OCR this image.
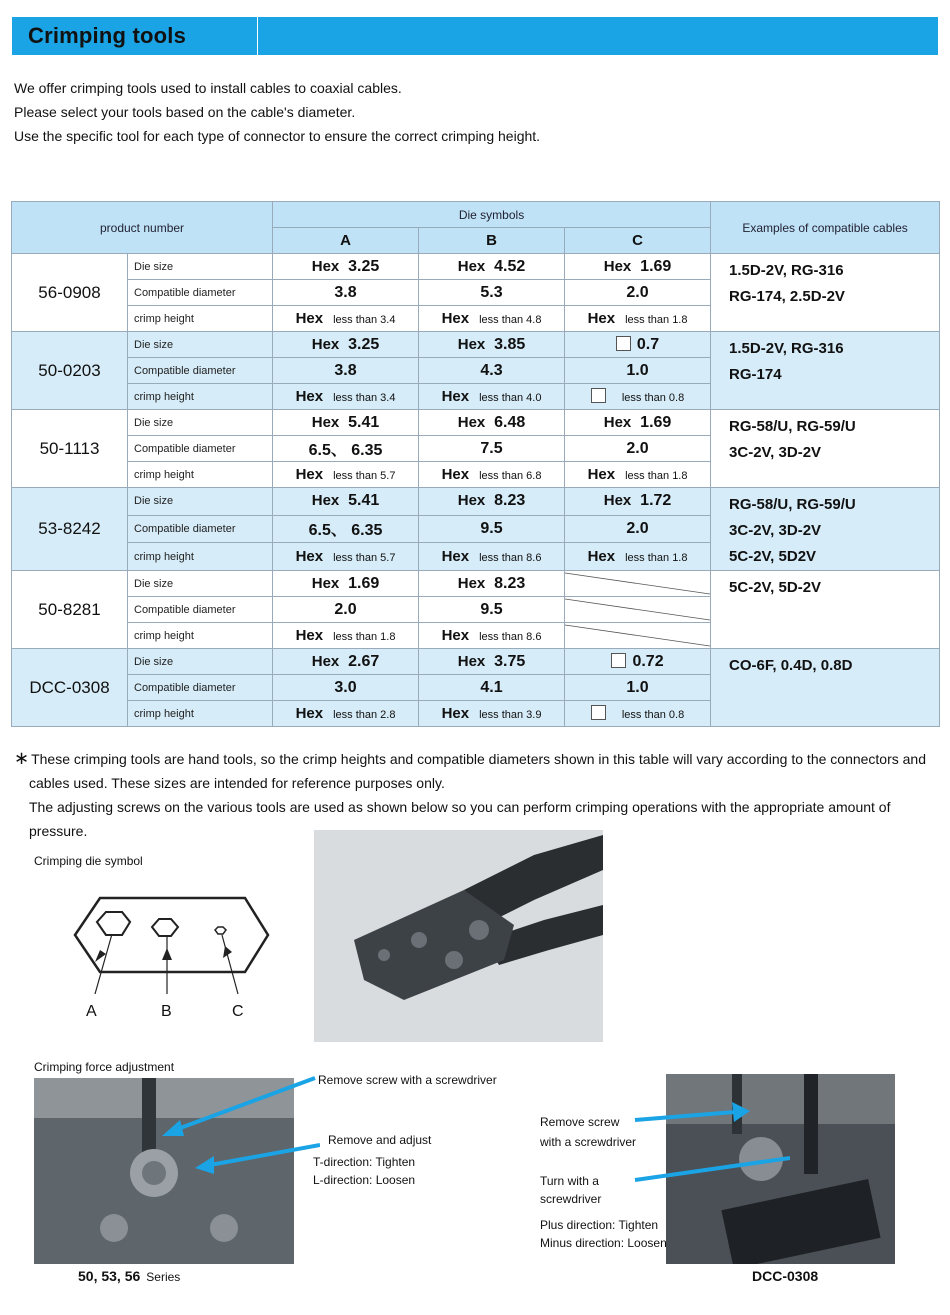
Crimping tools

We offer crimping tools used to install cables to coaxial cables.

Please select your tools based on the cable's diameter.

Use the specific tool for each type of connector to ensure the correct crimping height.

product number		Die symbols			Examples of compatible cables
		A	B	C	
56-0908	Die size	Hex 3.25	Hex 4.52	Hex 1.69	1.5D-2V, RG-316
RG-174, 2.5D-2V

	Compatible diameter	3.8	5.3	2.0	
	crimp height	Hex less than 3.4	Hex less than 4.8	Hex less than 1.8	
50-0203	Die size	Hex 3.25	Hex 3.85	0.7	1.5D-2V, RG-316
RG-174

	Compatible diameter	3.8	4.3	1.0	
	crimp height	Hex less than 3.4	Hex less than 4.0	less than 0.8	
50-1113	Die size	Hex 5.41	Hex 6.48	Hex 1.69	RG-58/U, RG-59/U
3C-2V, 3D-2V

	Compatible diameter	6.5、 6.35	7.5	2.0	
	crimp height	Hex less than 5.7	Hex less than 6.8	Hex less than 1.8	
53-8242	Die size	Hex 5.41	Hex 8.23	Hex 1.72	RG-58/U, RG-59/U
3C-2V, 3D-2V
5C-2V, 5D2V

	Compatible diameter	6.5、 6.35	9.5	2.0	
	crimp height	Hex less than 5.7	Hex less than 8.6	Hex less than 1.8	
50-8281	Die size	Hex 1.69	Hex 8.23		5C-2V, 5D-2V

	Compatible diameter	2.0	9.5	

	crimp height	Hex less than 1.8	Hex less than 8.6	

DCC-0308	Die size	Hex 2.67	Hex 3.75	0.72	CO-6F, 0.4D, 0.8D

	Compatible diameter	3.0	4.1	1.0	
	crimp height	Hex less than 2.8	Hex less than 3.9	less than 0.8	

∗ These crimping tools are hand tools, so the crimp heights and compatible diameters shown in this table will vary according to the connectors and

cables used. These sizes are intended for reference purposes only.

The adjusting screws on the various tools are used as shown below so you can perform crimping operations with the appropriate amount of pressure.

Crimping die symbol
A	B	C
Crimping force adjustment
Remove screw with a screwdriver
Remove and adjust
T-direction: Tighten
L-direction: Loosen
50, 53, 56 Series
Remove screw
with a screwdriver
Turn with a
screwdriver
Plus direction: Tighten
Minus direction: Loosen
DCC-0308
